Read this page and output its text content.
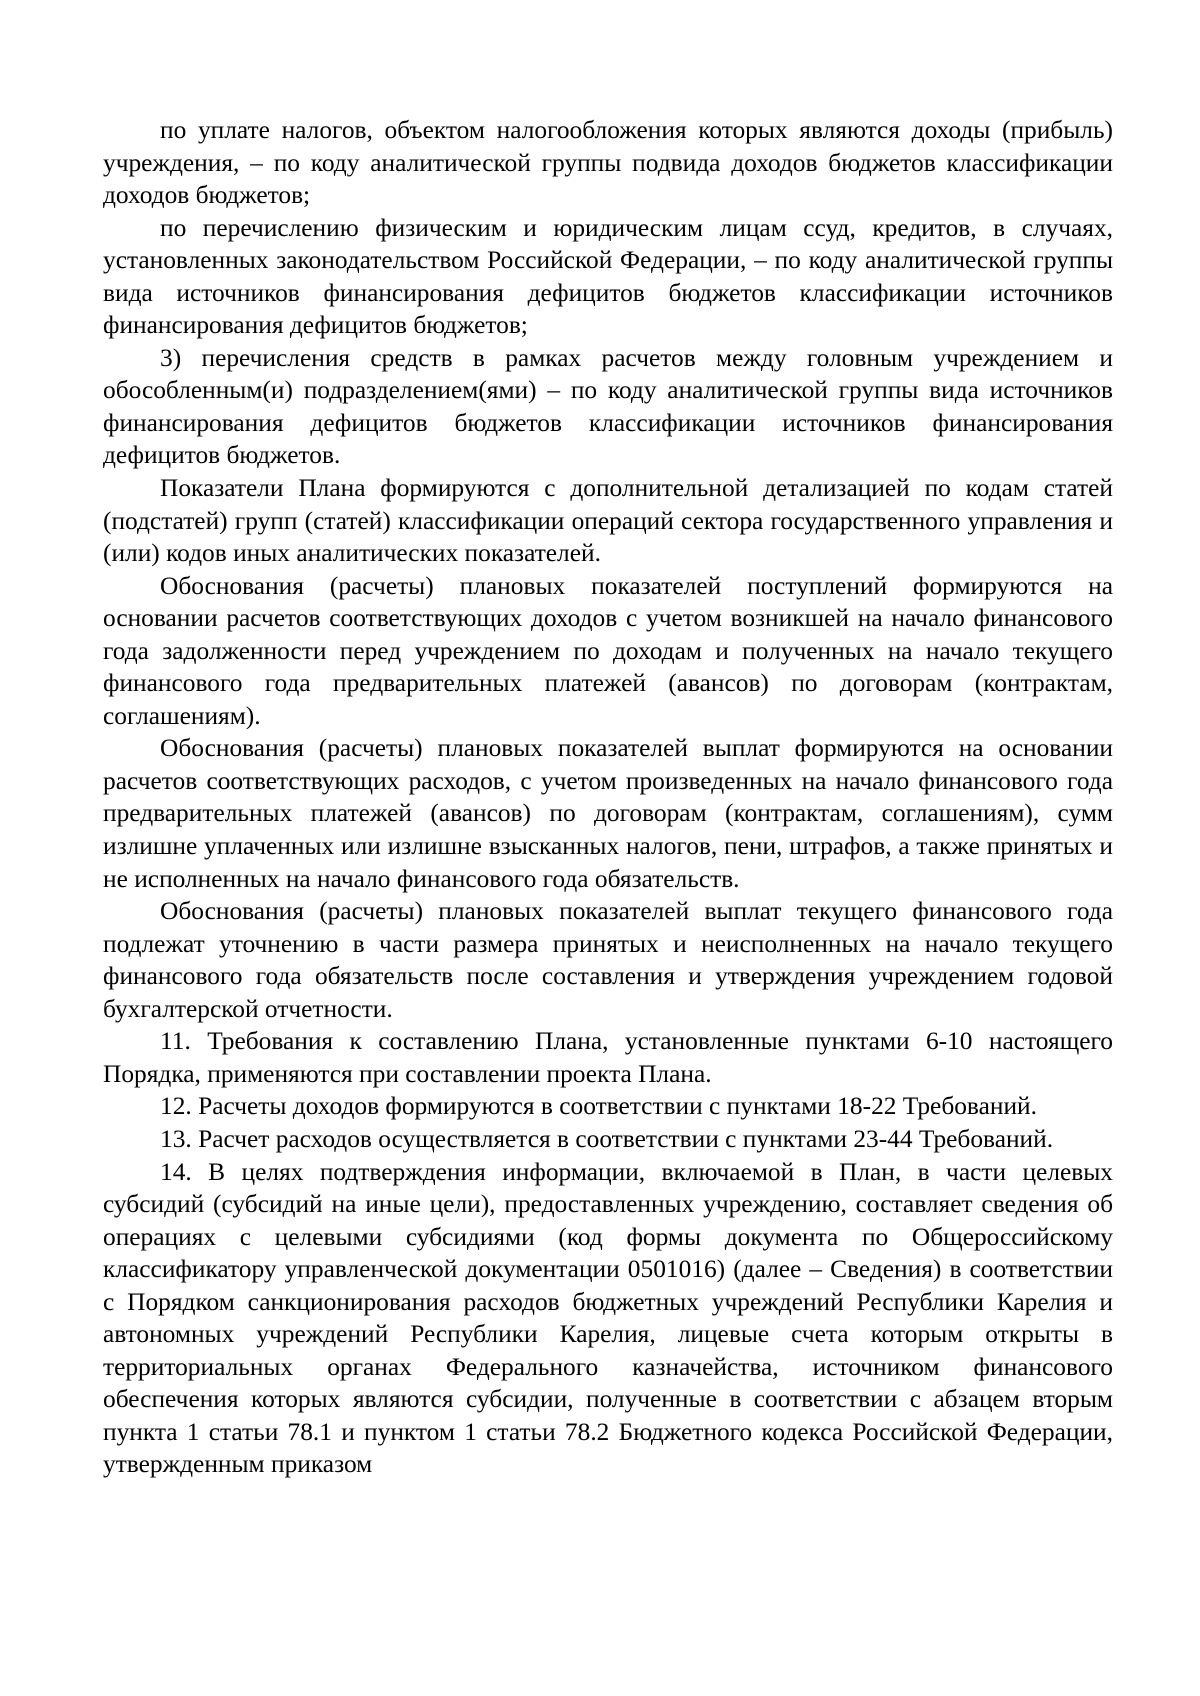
по уплате налогов, объектом налогообложения которых являются доходы (прибыль) учреждения, – по коду аналитической группы подвида доходов бюджетов классификации доходов бюджетов;

по перечислению физическим и юридическим лицам ссуд, кредитов, в случаях, установленных законодательством Российской Федерации, – по коду аналитической группы вида источников финансирования дефицитов бюджетов классификации источников финансирования дефицитов бюджетов;

3) перечисления средств в рамках расчетов между головным учреждением и обособленным(и) подразделением(ями) – по коду аналитической группы вида источников финансирования дефицитов бюджетов классификации источников финансирования дефицитов бюджетов.

Показатели Плана формируются с дополнительной детализацией по кодам статей (подстатей) групп (статей) классификации операций сектора государственного управления и (или) кодов иных аналитических показателей.

Обоснования (расчеты) плановых показателей поступлений формируются на основании расчетов соответствующих доходов с учетом возникшей на начало финансового года задолженности перед учреждением по доходам и полученных на начало текущего финансового года предварительных платежей (авансов) по договорам (контрактам, соглашениям).

Обоснования (расчеты) плановых показателей выплат формируются на основании расчетов соответствующих расходов, с учетом произведенных на начало финансового года предварительных платежей (авансов) по договорам (контрактам, соглашениям), сумм излишне уплаченных или излишне взысканных налогов, пени, штрафов, а также принятых и не исполненных на начало финансового года обязательств.

Обоснования (расчеты) плановых показателей выплат текущего финансового года подлежат уточнению в части размера принятых и неисполненных на начало текущего финансового года обязательств после составления и утверждения учреждением годовой бухгалтерской отчетности.

11. Требования к составлению Плана, установленные пунктами 6-10 настоящего Порядка, применяются при составлении проекта Плана.

12. Расчеты доходов формируются в соответствии с пунктами 18-22 Требований.

13. Расчет расходов осуществляется в соответствии с пунктами 23-44 Требований.

14. В целях подтверждения информации, включаемой в План, в части целевых субсидий (субсидий на иные цели), предоставленных учреждению, составляет сведения об операциях с целевыми субсидиями (код формы документа по Общероссийскому классификатору управленческой документации 0501016) (далее – Сведения) в соответствии с Порядком санкционирования расходов бюджетных учреждений Республики Карелия и автономных учреждений Республики Карелия, лицевые счета которым открыты в территориальных органах Федерального казначейства, источником финансового обеспечения которых являются субсидии, полученные в соответствии с абзацем вторым пункта 1 статьи 78.1 и пунктом 1 статьи 78.2 Бюджетного кодекса Российской Федерации, утвержденным приказом
